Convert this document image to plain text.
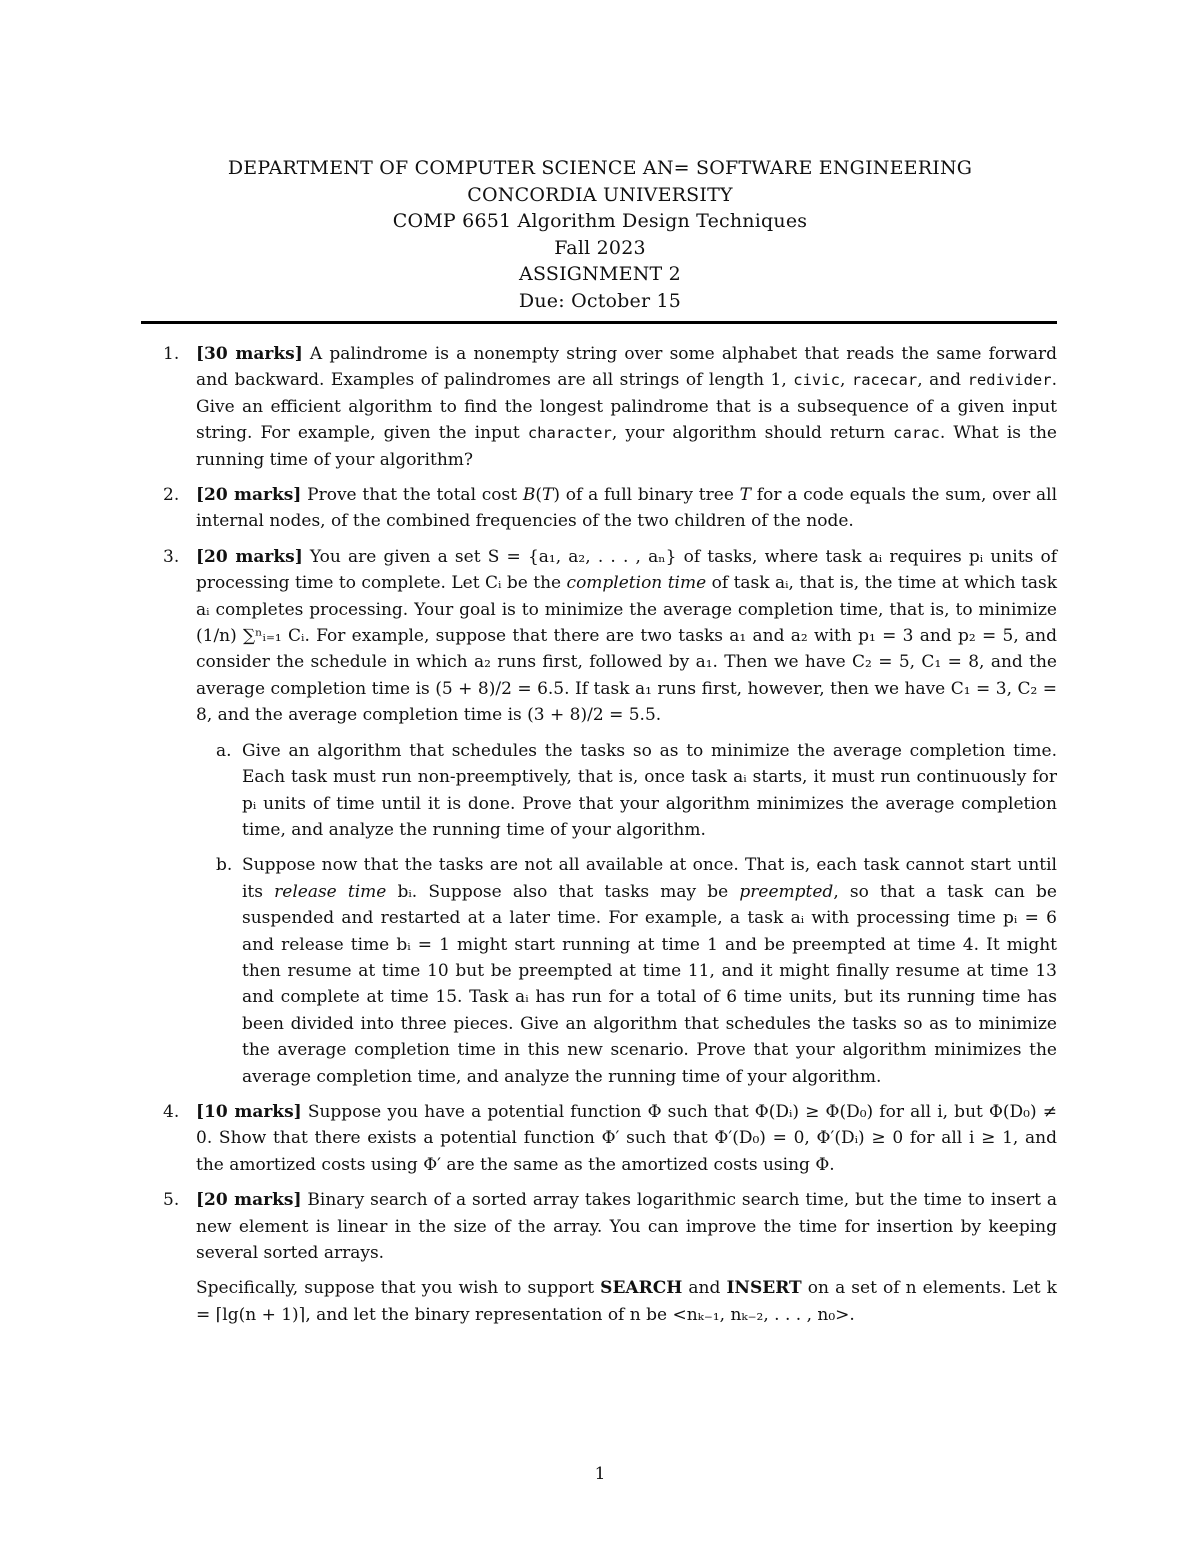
DEPARTMENT OF COMPUTER SCIENCE AN= SOFTWARE ENGINEERING
CONCORDIA UNIVERSITY
COMP 6651 Algorithm Design Techniques
Fall 2023
ASSIGNMENT 2
Due: October 15
1. [30 marks] A palindrome is a nonempty string over some alphabet that reads the same forward and backward. Examples of palindromes are all strings of length 1, civic, racecar, and redivider. Give an efficient algorithm to find the longest palindrome that is a subsequence of a given input string. For example, given the input character, your algorithm should return carac. What is the running time of your algorithm?
2. [20 marks] Prove that the total cost B(T) of a full binary tree T for a code equals the sum, over all internal nodes, of the combined frequencies of the two children of the node.
3. [20 marks] You are given a set S = {a₁, a₂, . . . , aₙ} of tasks, where task aᵢ requires pᵢ units of processing time to complete. Let Cᵢ be the completion time of task aᵢ, that is, the time at which task aᵢ completes processing. Your goal is to minimize the average completion time, that is, to minimize (1/n) ∑ⁿᵢ₌₁ Cᵢ. For example, suppose that there are two tasks a₁ and a₂ with p₁ = 3 and p₂ = 5, and consider the schedule in which a₂ runs first, followed by a₁. Then we have C₂ = 5, C₁ = 8, and the average completion time is (5 + 8)/2 = 6.5. If task a₁ runs first, however, then we have C₁ = 3, C₂ = 8, and the average completion time is (3 + 8)/2 = 5.5.
a. Give an algorithm that schedules the tasks so as to minimize the average completion time. Each task must run non-preemptively, that is, once task aᵢ starts, it must run continuously for pᵢ units of time until it is done. Prove that your algorithm minimizes the average completion time, and analyze the running time of your algorithm.
b. Suppose now that the tasks are not all available at once. That is, each task cannot start until its release time bᵢ. Suppose also that tasks may be preempted, so that a task can be suspended and restarted at a later time. For example, a task aᵢ with processing time pᵢ = 6 and release time bᵢ = 1 might start running at time 1 and be preempted at time 4. It might then resume at time 10 but be preempted at time 11, and it might finally resume at time 13 and complete at time 15. Task aᵢ has run for a total of 6 time units, but its running time has been divided into three pieces. Give an algorithm that schedules the tasks so as to minimize the average completion time in this new scenario. Prove that your algorithm minimizes the average completion time, and analyze the running time of your algorithm.
4. [10 marks] Suppose you have a potential function Φ such that Φ(Dᵢ) ≥ Φ(D₀) for all i, but Φ(D₀) ≠ 0. Show that there exists a potential function Φ′ such that Φ′(D₀) = 0, Φ′(Dᵢ) ≥ 0 for all i ≥ 1, and the amortized costs using Φ′ are the same as the amortized costs using Φ.
5. [20 marks] Binary search of a sorted array takes logarithmic search time, but the time to insert a new element is linear in the size of the array. You can improve the time for insertion by keeping several sorted arrays.

Specifically, suppose that you wish to support SEARCH and INSERT on a set of n elements. Let k = ⌈lg(n + 1)⌉, and let the binary representation of n be <nₖ₋₁, nₖ₋₂, . . . , n₀>.

1
